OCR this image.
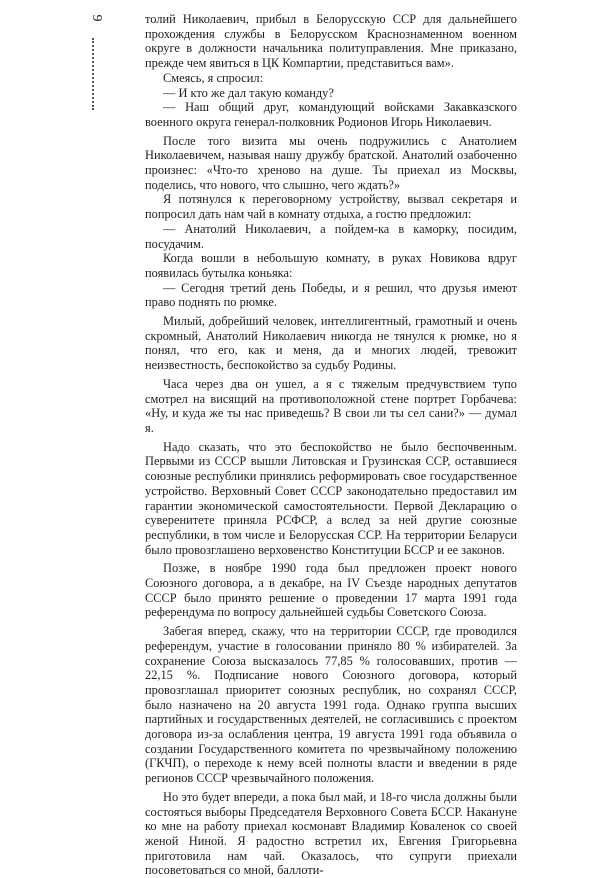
9	толий Николаевич, прибыл в Белорусскую ССР для дальнейшего прохождения службы в Белорусском Краснознаменном военном округе в должности начальника политуправления. Мне приказано, прежде чем явиться в ЦК Компартии, представиться вам».

Смеясь, я спросил:

— И кто же дал такую команду?

— Наш общий друг, командующий войсками Закавказского военного округа генерал-полковник Родионов Игорь Николаевич.

После того визита мы очень подружились с Анатолием Николаевичем, называя нашу дружбу братской. Анатолий озабоченно произнес: «Что-то хреново на душе. Ты приехал из Москвы, поделись, что нового, что слышно, чего ждать?»

Я потянулся к переговорному устройству, вызвал секретаря и попросил дать нам чай в комнату отдыха, а гостю предложил:

— Анатолий Николаевич, а пойдем-ка в каморку, посидим, посудачим.

Когда вошли в небольшую комнату, в руках Новикова вдруг появилась бутылка коньяка:

— Сегодня третий день Победы, и я решил, что друзья имеют право поднять по рюмке.

Милый, добрейший человек, интеллигентный, грамотный и очень скромный, Анатолий Николаевич никогда не тянулся к рюмке, но я понял, что его, как и меня, да и многих людей, тревожит неизвестность, беспокойство за судьбу Родины.

Часа через два он ушел, а я с тяжелым предчувствием тупо смотрел на висящий на противоположной стене портрет Горбачева: «Ну, и куда же ты нас приведешь? В свои ли ты сел сани?» — думал я.

Надо сказать, что это беспокойство не было беспочвенным. Первыми из СССР вышли Литовская и Грузинская ССР, оставшиеся союзные республики принялись реформировать свое государственное устройство. Верховный Совет СССР законодательно предоставил им гарантии экономической самостоятельности. Первой Декларацию о суверенитете приняла РСФСР, а вслед за ней другие союзные республики, в том числе и Белорусская ССР. На территории Беларуси было провозглашено верховенство Конституции БССР и ее законов.

Позже, в ноябре 1990 года был предложен проект нового Союзного договора, а в декабре, на IV Съезде народных депутатов СССР было принято решение о проведении 17 марта 1991 года референдума по вопросу дальнейшей судьбы Советского Союза.

Забегая вперед, скажу, что на территории СССР, где проводился референдум, участие в голосовании приняло 80 % избирателей. За сохранение Союза высказалось 77,85 % голосовавших, против — 22,15 %. Подписание нового Союзного договора, который провозглашал приоритет союзных республик, но сохранял СССР, было назначено на 20 августа 1991 года. Однако группа высших партийных и государственных деятелей, не согласившись с проектом договора из-за ослабления центра, 19 августа 1991 года объявила о создании Государственного комитета по чрезвычайному положению (ГКЧП), о переходе к нему всей полноты власти и введении в ряде регионов СССР чрезвычайного положения.

Но это будет впереди, а пока был май, и 18-го числа должны были состояться выборы Председателя Верховного Совета БССР. Накануне ко мне на работу приехал космонавт Владимир Коваленок со своей женой Ниной. Я радостно встретил их, Евгения Григорьевна приготовила нам чай. Оказалось, что супруги приехали посоветоваться со мной, баллоти-
